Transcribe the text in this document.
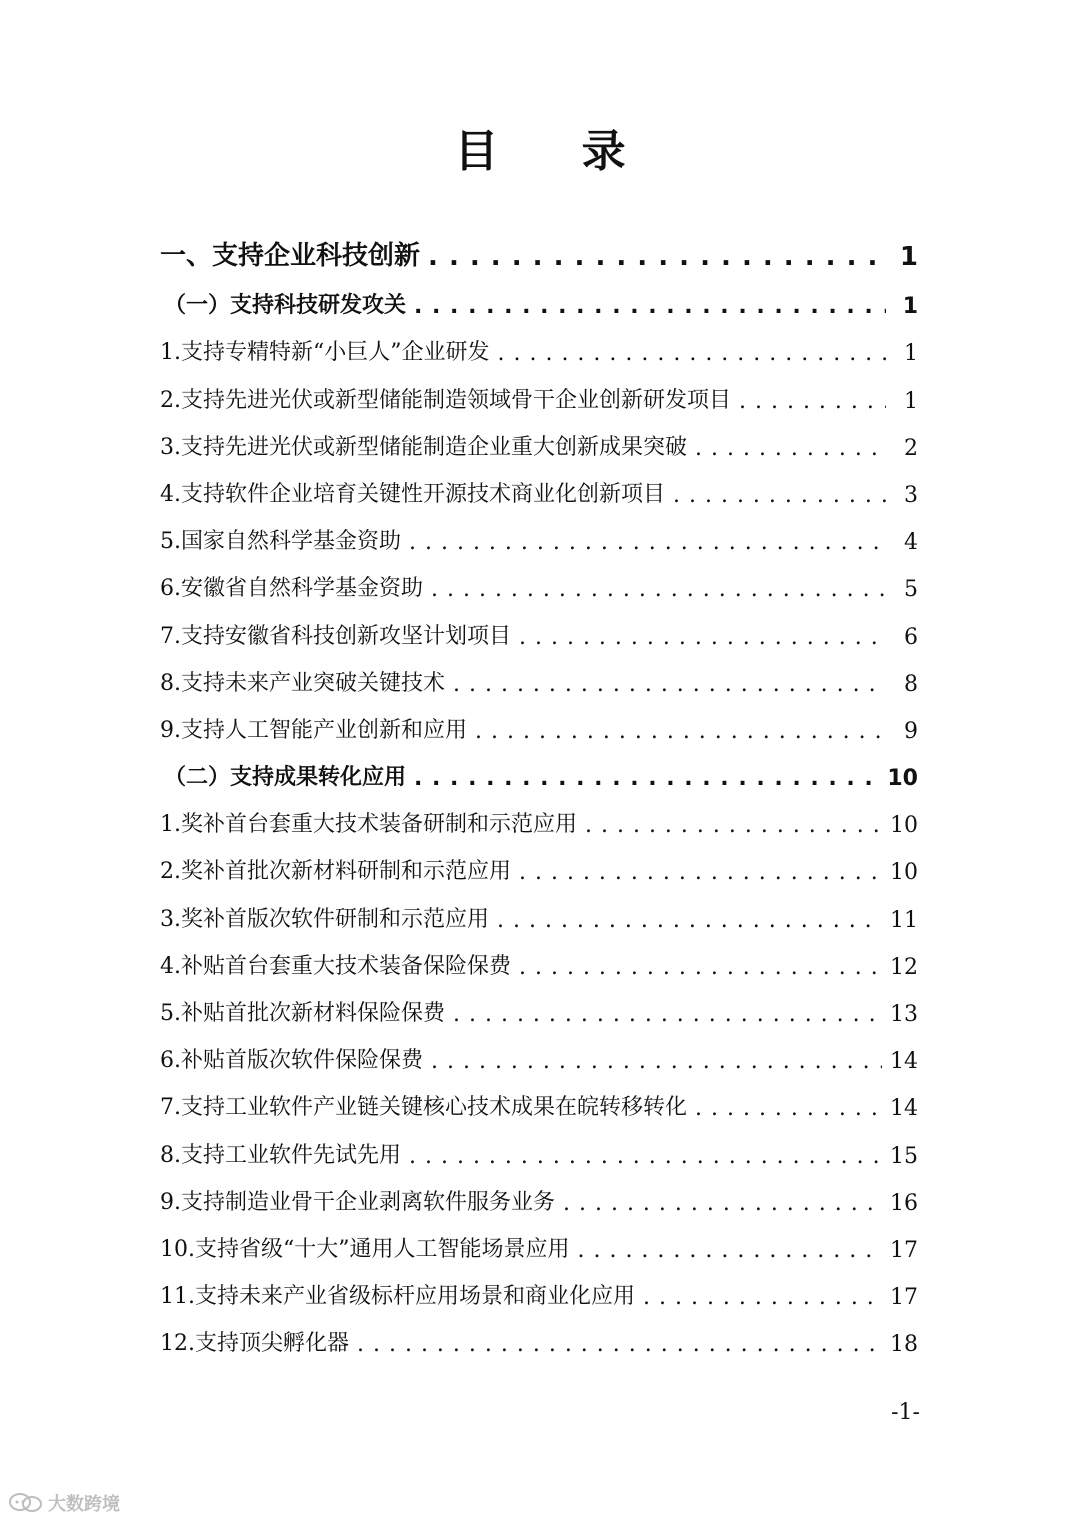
目 录
一、支持企业科技创新 . . .	1
（一）支持科技研发攻关 . . .	1
1.支持专精特新“小巨人”企业研发 . . .	1
2.支持先进光伏或新型储能制造领域骨干企业创新研发项目 . . .	1
3.支持先进光伏或新型储能制造企业重大创新成果突破 . . .	2
4.支持软件企业培育关键性开源技术商业化创新项目 . . .	3
5.国家自然科学基金资助 . . .	4
6.安徽省自然科学基金资助 . . .	5
7.支持安徽省科技创新攻坚计划项目 . . .	6
8.支持未来产业突破关键技术 . . .	8
9.支持人工智能产业创新和应用 . . .	9
（二）支持成果转化应用 . . .	10
1.奖补首台套重大技术装备研制和示范应用 . . .	10
2.奖补首批次新材料研制和示范应用 . . .	10
3.奖补首版次软件研制和示范应用 . . .	11
4.补贴首台套重大技术装备保险保费 . . .	12
5.补贴首批次新材料保险保费 . . .	13
6.补贴首版次软件保险保费 . . .	14
7.支持工业软件产业链关键核心技术成果在皖转移转化 . . .	14
8.支持工业软件先试先用 . . .	15
9.支持制造业骨干企业剥离软件服务业务 . . .	16
10.支持省级“十大”通用人工智能场景应用 . . .	17
11.支持未来产业省级标杆应用场景和商业化应用 . . .	17
12.支持顶尖孵化器 . . .	18
-1-
大数跨境
